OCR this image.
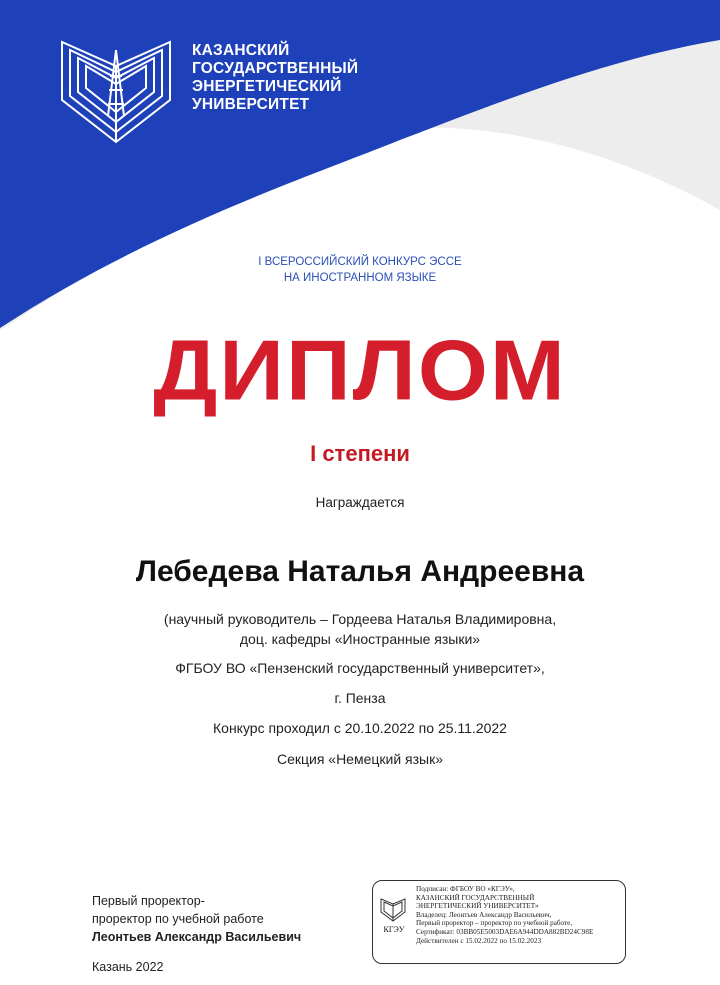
КАЗАНСКИЙ
ГОСУДАРСТВЕННЫЙ
ЭНЕРГЕТИЧЕСКИЙ
УНИВЕРСИТЕТ
I ВСЕРОССИЙСКИЙ КОНКУРС ЭССЕ
НА ИНОСТРАННОМ ЯЗЫКЕ
ДИПЛОМ
I степени
Награждается
Лебедева Наталья Андреевна
(научный руководитель – Гордеева Наталья Владимировна,
доц. кафедры «Иностранные языки»
ФГБОУ ВО «Пензенский государственный университет»,
г. Пенза
Конкурс проходил с 20.10.2022 по 25.11.2022
Секция «Немецкий язык»
Первый проректор-
проректор по учебной работе
Леонтьев Александр Васильевич
Казань 2022
КГЭУ
Подписан: ФГБОУ ВО «КГЭУ»,
КАЗАНСКИЙ ГОСУДАРСТВЕННЫЙ
ЭНЕРГЕТИЧЕСКИЙ УНИВЕРСИТЕТ»
Владелец: Леонтьев Александр Васильевич,
Первый проректор – проректор по учебной работе,
Сертификат: 03BB05E5003DAE6A944DDA882BD24C98E
Действителен с 15.02.2022 по 15.02.2023
